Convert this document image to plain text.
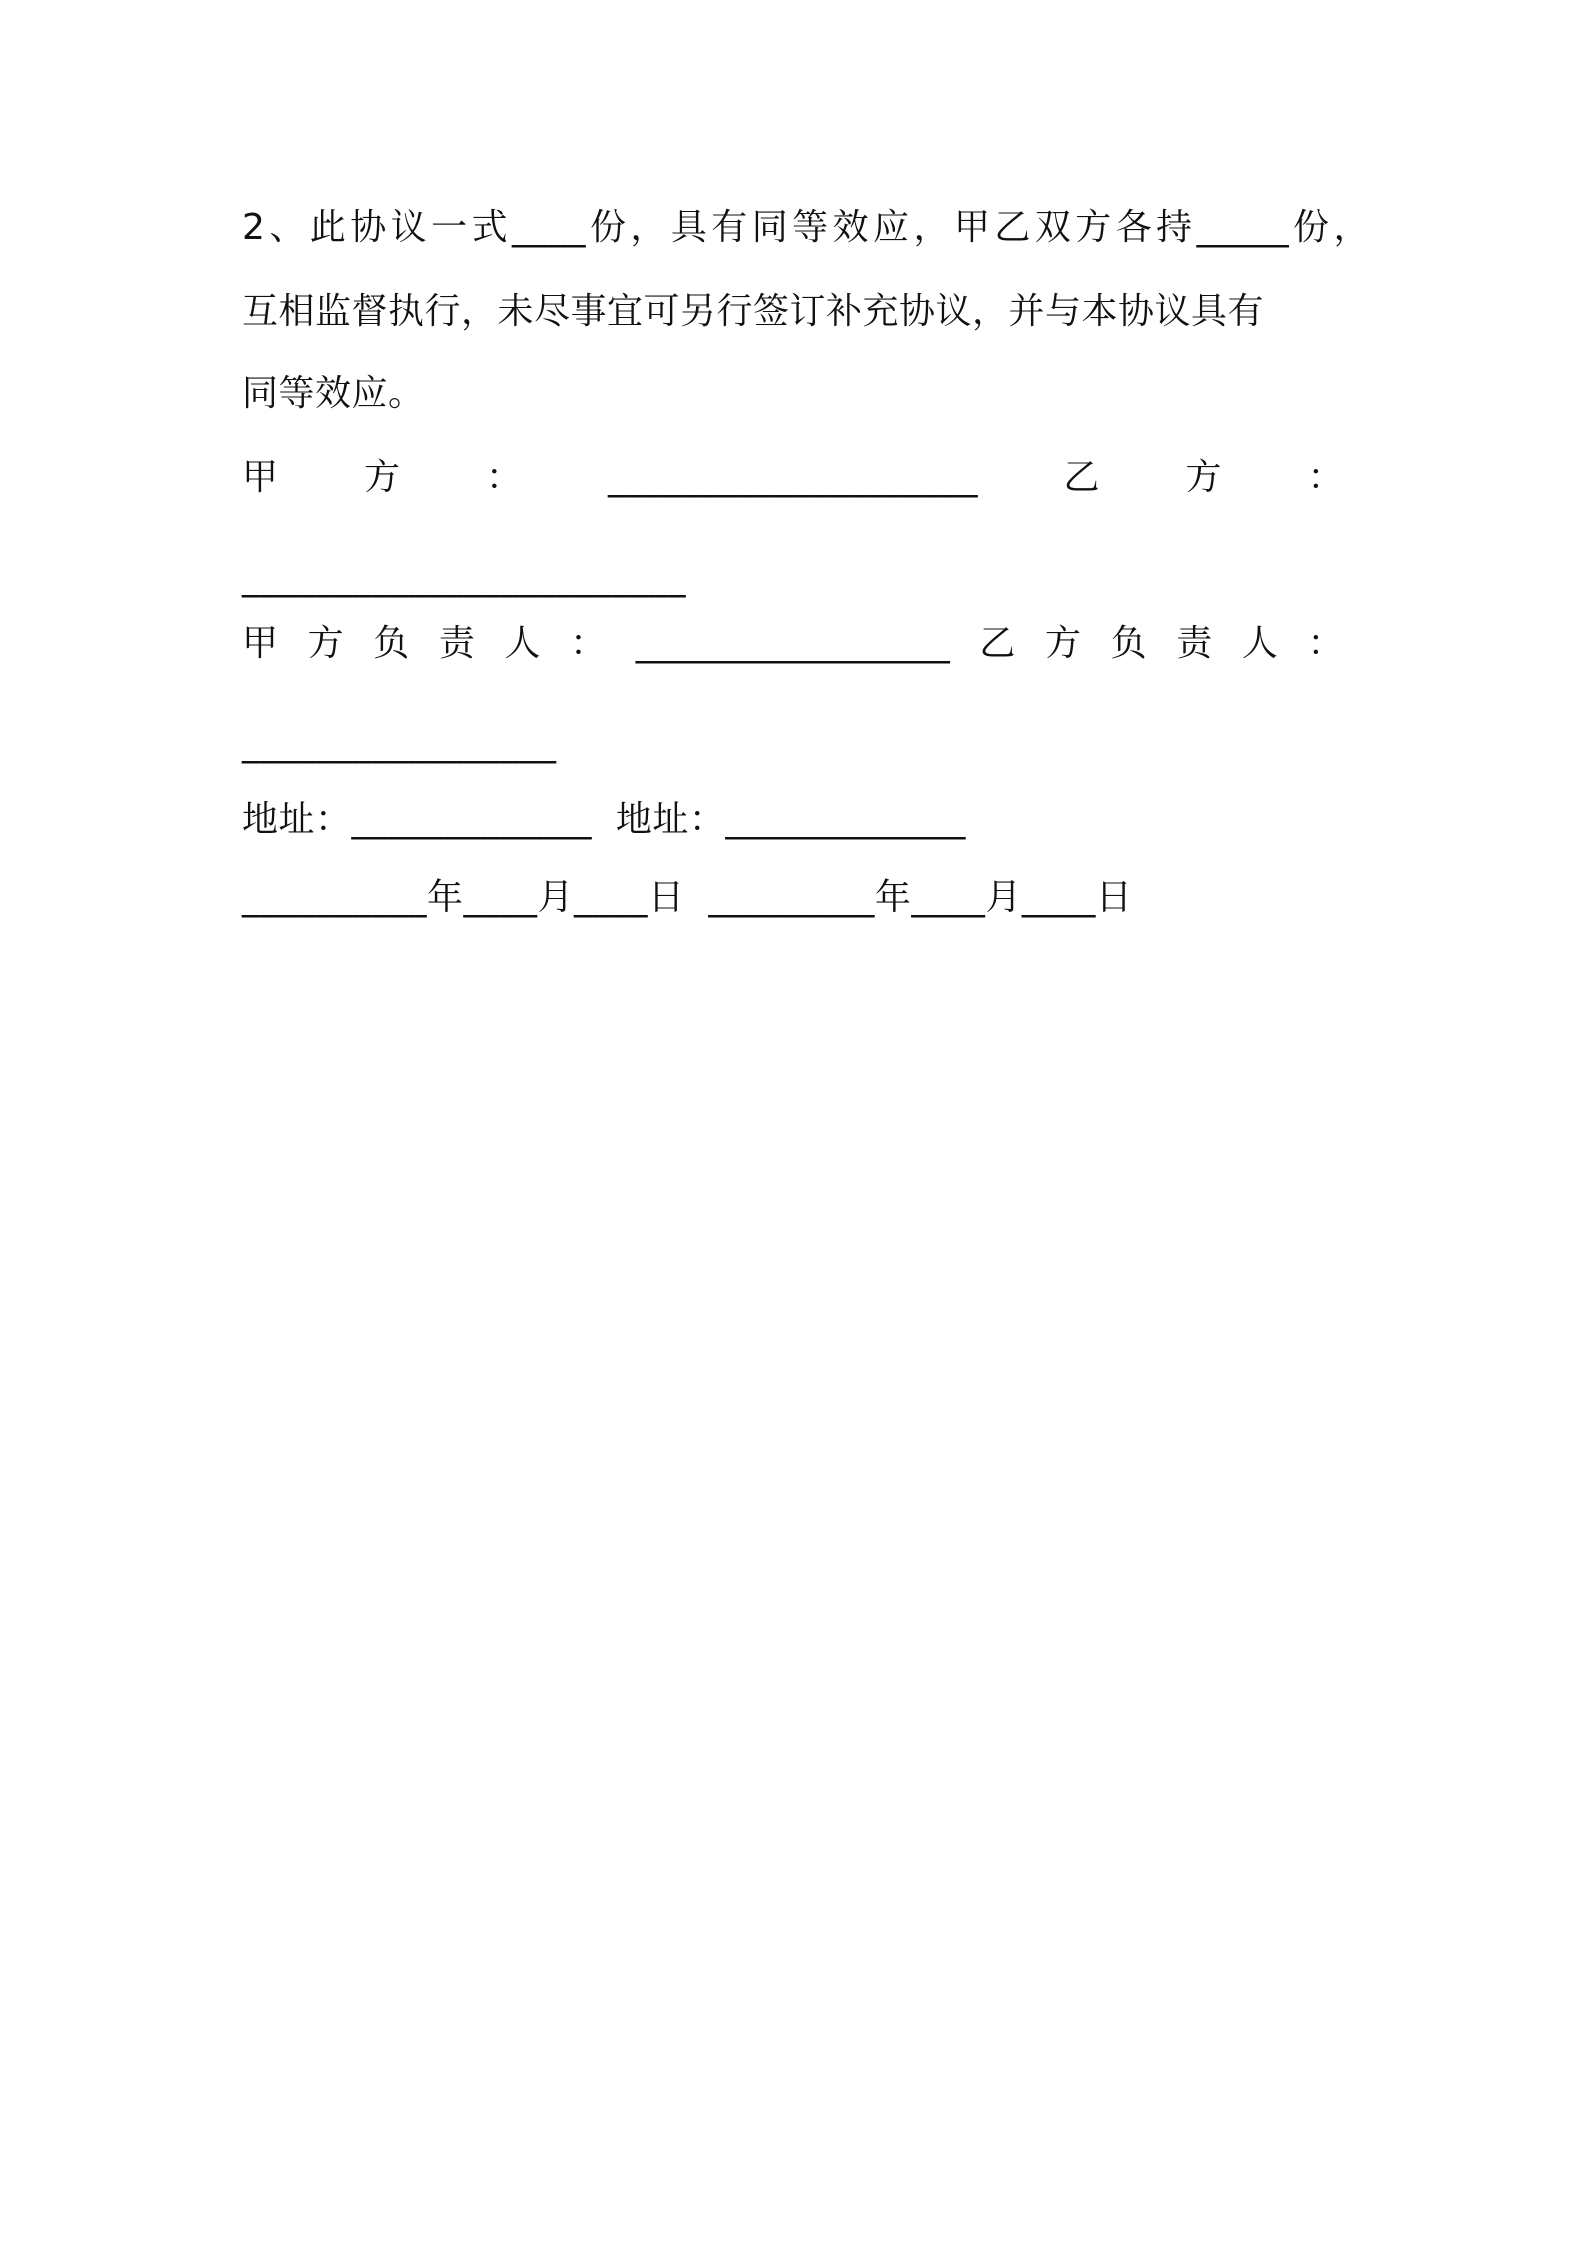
2、此协议一式____份，具有同等效应，甲乙双方各持_____份，
互相监督执行，未尽事宜可另行签订补充协议，并与本协议具有
同等效应。
甲 方 ： ____________________ 乙 方 ：
________________________
甲 方 负 责 人 ： _________________ 乙 方 负 责 人 ：
_________________
地址：_____________  地址：_____________
__________年____月____日  _________年____月____日
